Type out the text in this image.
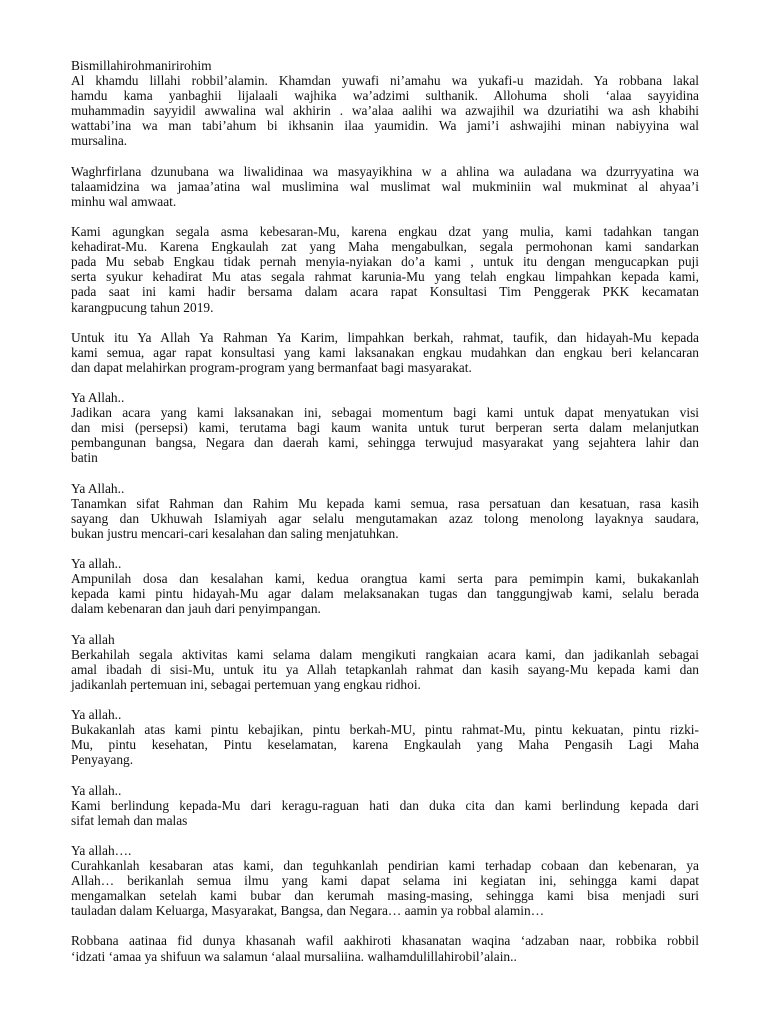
Bismillahirohmanirirohim
Al khamdu lillahi robbil’alamin. Khamdan yuwafi ni’amahu wa yukafi-u mazidah. Ya robbana lakal
hamdu kama yanbaghii lijalaali wajhika wa’adzimi sulthanik. Allohuma sholi ‘alaa sayyidina
muhammadin sayyidil awwalina wal akhirin . wa’alaa aalihi wa azwajihil wa dzuriatihi wa ash khabihi
wattabi’ina wa man tabi’ahum bi ikhsanin ilaa yaumidin. Wa jami’i ashwajihi minan nabiyyina wal
mursalina.
Waghrfirlana dzunubana wa liwalidinaa wa masyayikhina w a ahlina wa auladana wa dzurryyatina wa
talaamidzina wa jamaa’atina wal muslimina wal muslimat wal mukminiin wal mukminat al ahyaa’i
minhu wal amwaat.
Kami agungkan segala asma kebesaran-Mu, karena engkau dzat yang mulia, kami tadahkan tangan
kehadirat-Mu. Karena Engkaulah zat yang Maha mengabulkan, segala permohonan kami sandarkan
pada Mu sebab Engkau tidak pernah menyia-nyiakan do’a kami , untuk itu dengan mengucapkan puji
serta syukur kehadirat Mu atas segala rahmat karunia-Mu yang telah engkau limpahkan kepada kami,
pada saat ini kami hadir bersama dalam acara rapat Konsultasi Tim Penggerak PKK kecamatan
karangpucung tahun 2019.
Untuk itu Ya Allah Ya Rahman Ya Karim, limpahkan berkah, rahmat, taufik, dan hidayah-Mu kepada
kami semua, agar rapat konsultasi yang kami laksanakan engkau mudahkan dan engkau beri kelancaran
dan dapat melahirkan program-program yang bermanfaat bagi masyarakat.
Ya Allah..
Jadikan acara yang kami laksanakan ini, sebagai momentum bagi kami untuk dapat menyatukan visi
dan misi (persepsi) kami, terutama bagi kaum wanita untuk turut berperan serta dalam melanjutkan
pembangunan bangsa, Negara dan daerah kami, sehingga terwujud masyarakat yang sejahtera lahir dan
batin
Ya Allah..
Tanamkan sifat Rahman dan Rahim Mu kepada kami semua, rasa persatuan dan kesatuan, rasa kasih
sayang dan Ukhuwah Islamiyah agar selalu mengutamakan azaz tolong menolong layaknya saudara,
bukan justru mencari-cari kesalahan dan saling menjatuhkan.
Ya allah..
Ampunilah dosa dan kesalahan kami, kedua orangtua kami serta para pemimpin kami, bukakanlah
kepada kami pintu hidayah-Mu agar dalam melaksanakan tugas dan tanggungjwab kami, selalu berada
dalam kebenaran dan jauh dari penyimpangan.
Ya allah
Berkahilah segala aktivitas kami selama dalam mengikuti rangkaian acara kami, dan jadikanlah sebagai
amal ibadah di sisi-Mu, untuk itu ya Allah tetapkanlah rahmat dan kasih sayang-Mu kepada kami dan
jadikanlah pertemuan ini, sebagai pertemuan yang engkau ridhoi.
Ya allah..
Bukakanlah atas kami pintu kebajikan, pintu berkah-MU, pintu rahmat-Mu, pintu kekuatan, pintu rizki-
Mu, pintu kesehatan, Pintu keselamatan, karena Engkaulah yang Maha Pengasih Lagi Maha
Penyayang.
Ya allah..
Kami berlindung kepada-Mu dari keragu-raguan hati dan duka cita dan kami berlindung kepada dari
sifat lemah dan malas
Ya allah….
Curahkanlah kesabaran atas kami, dan teguhkanlah pendirian kami terhadap cobaan dan kebenaran, ya
Allah… berikanlah semua ilmu yang kami dapat selama ini kegiatan ini, sehingga kami dapat
mengamalkan setelah kami bubar dan kerumah masing-masing, sehingga kami bisa menjadi suri
tauladan dalam Keluarga, Masyarakat, Bangsa, dan Negara… aamin ya robbal alamin…
Robbana aatinaa fid dunya khasanah wafil aakhiroti khasanatan waqina ‘adzaban naar, robbika robbil
‘idzati ‘amaa ya shifuun wa salamun ‘alaal mursaliina. walhamdulillahirobil’alain..
